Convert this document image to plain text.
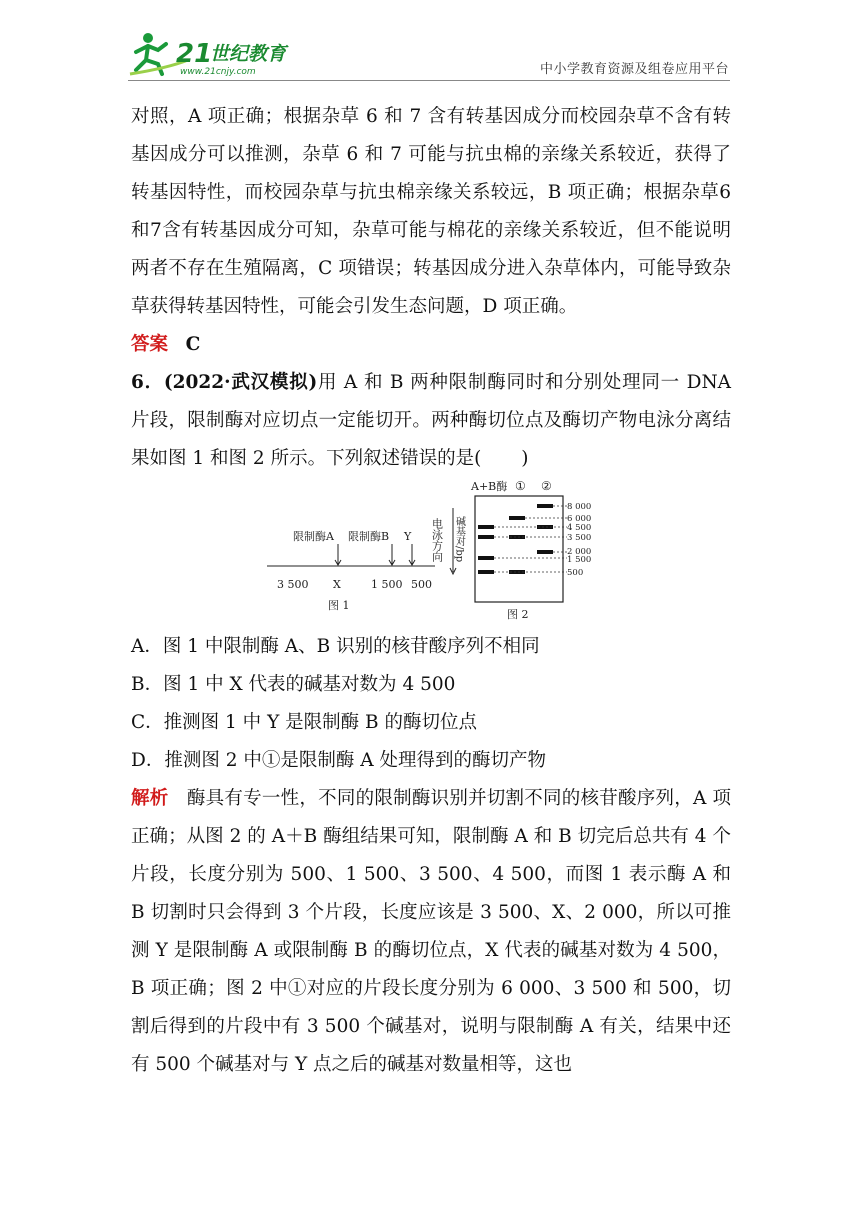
21
世纪教育
www.21cnjy.com	中小学教育资源及组卷应用平台

对照，A 项正确；根据杂草 6 和 7 含有转基因成分而校园杂草不含有转基因成分可以推测，杂草 6 和 7 可能与抗虫棉的亲缘关系较近，获得了转基因特性，而校园杂草与抗虫棉亲缘关系较远，B 项正确；根据杂草6和7含有转基因成分可知，杂草可能与棉花的亲缘关系较近，但不能说明两者不存在生殖隔离，C 项错误；转基因成分进入杂草体内，可能导致杂草获得转基因特性，可能会引发生态问题，D 项正确。

答案 C

6．(2022·武汉模拟)用 A 和 B 两种限制酶同时和分别处理同一 DNA 片段，限制酶对应切点一定能切开。两种酶切位点及酶切产物电泳分离结果如图 1 和图 2 所示。下列叙述错误的是( )

限制酶A 限制酶B Y
3 500 X	1 500 500
图 1
A+B酶 ① ②
电泳方向 碱基对/bp
8 000
6 000
4 500
3 500
2 000
1 500
500
图 2

A．图 1 中限制酶 A、B 识别的核苷酸序列不相同

B．图 1 中 X 代表的碱基对数为 4 500

C．推测图 1 中 Y 是限制酶 B 的酶切位点

D．推测图 2 中①是限制酶 A 处理得到的酶切产物

解析 酶具有专一性，不同的限制酶识别并切割不同的核苷酸序列，A 项正确；从图 2 的 A＋B 酶组结果可知，限制酶 A 和 B 切完后总共有 4 个片段，长度分别为 500、1 500、3 500、4 500，而图 1 表示酶 A 和 B 切割时只会得到 3 个片段，长度应该是 3 500、X、2 000，所以可推测 Y 是限制酶 A 或限制酶 B 的酶切位点，X 代表的碱基对数为 4 500，B 项正确；图 2 中①对应的片段长度分别为 6 000、3 500 和 500，切割后得到的片段中有 3 500 个碱基对，说明与限制酶 A 有关，结果中还有 500 个碱基对与 Y 点之后的碱基对数量相等，这也
